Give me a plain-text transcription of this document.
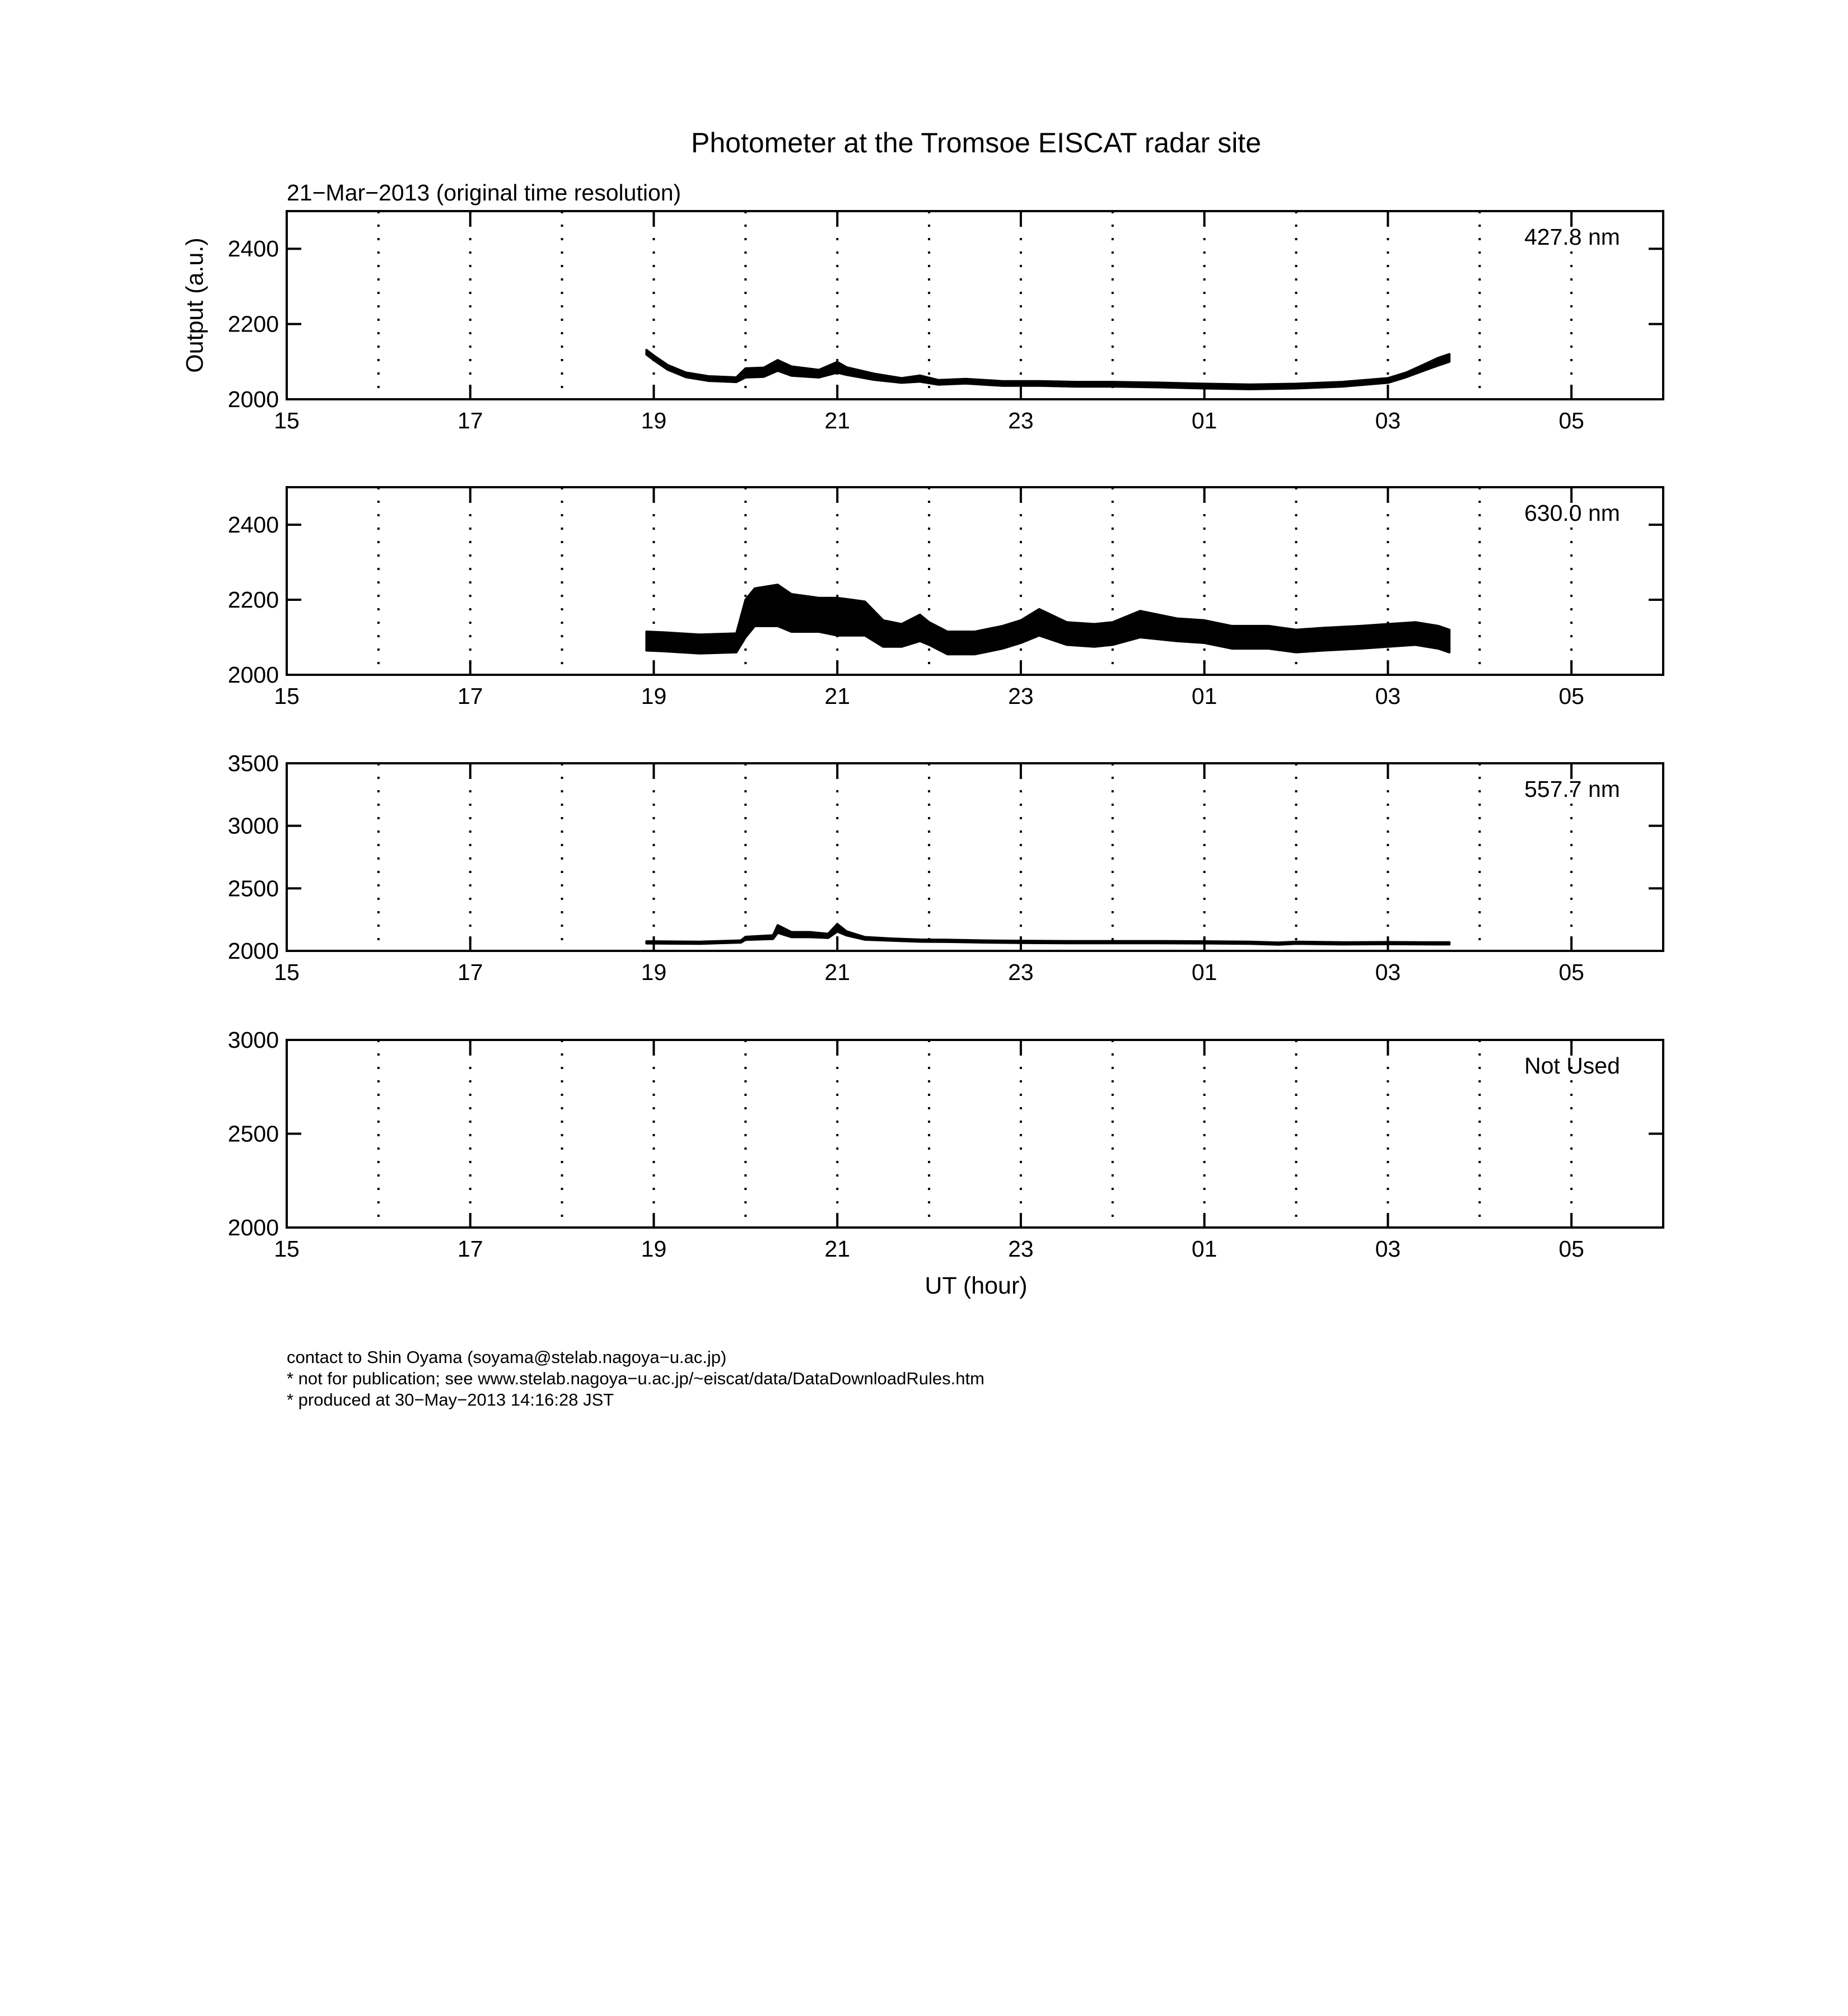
Photometer at the Tromsoe EISCAT radar site
21−Mar−2013 (original time resolution)
Output (a.u.)
UT (hour)
15	17	19	21	23	01	03	05
2000
2200
2400	427.8 nm
15	17	19	21	23	01	03	05
2000
2200
2400	630.0 nm
15	17	19	21	23	01	03	05
2000
2500
3000
3500
557.7 nm
15	17	19	21	23	01	03	05
2000
2500
3000
Not Used
contact to Shin Oyama (soyama@stelab.nagoya−u.ac.jp)
* not for publication; see www.stelab.nagoya−u.ac.jp/~eiscat/data/DataDownloadRules.htm
* produced at 30−May−2013 14:16:28 JST
